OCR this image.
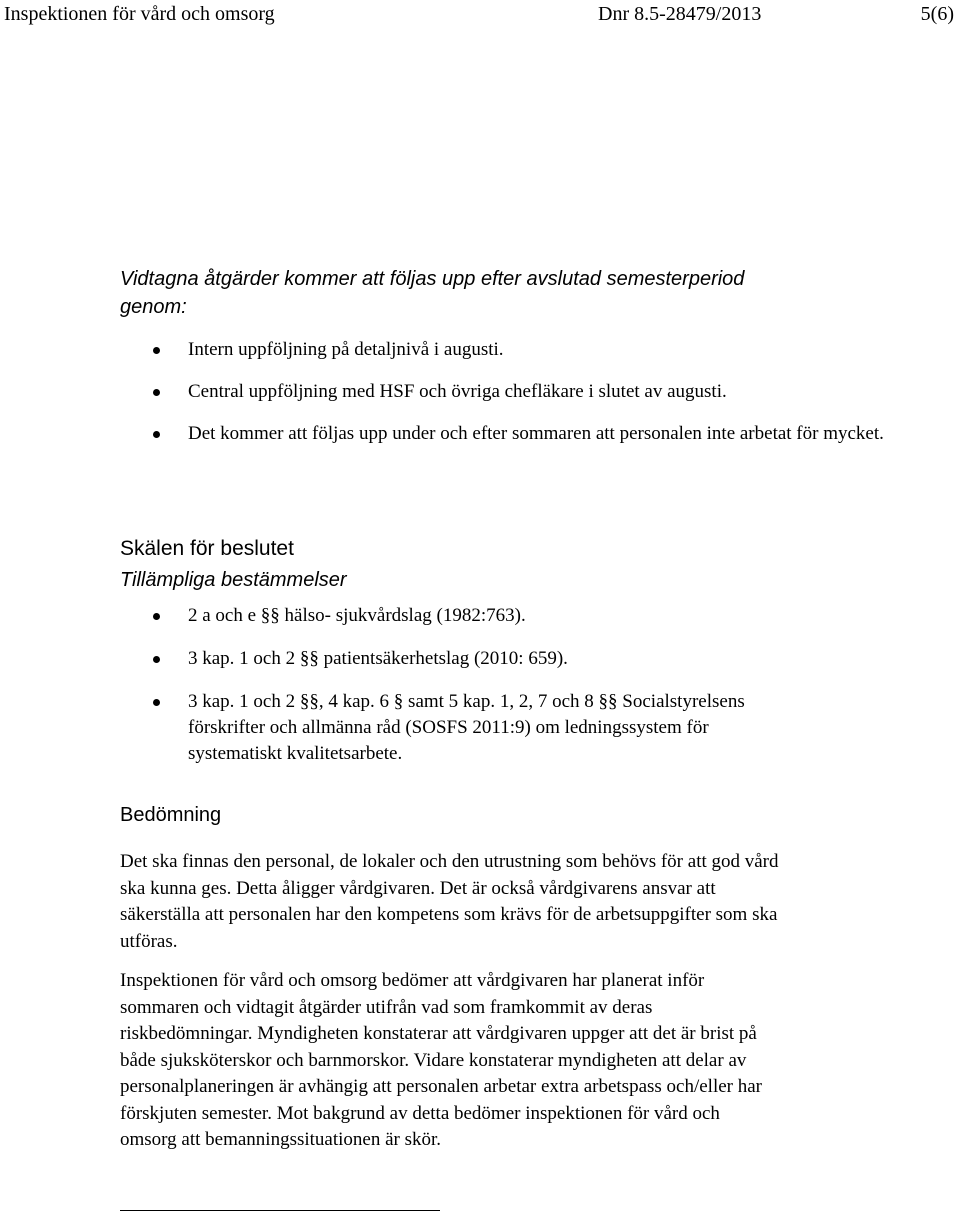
Inspektionen för vård och omsorg	Dnr 8.5-28479/2013	5(6)
Vidtagna åtgärder kommer att följas upp efter avslutad semesterperiod genom:
Intern uppföljning på detaljnivå i augusti.
Central uppföljning med HSF och övriga chefläkare i slutet av augusti.
Det kommer att följas upp under och efter sommaren att personalen inte arbetat för mycket.
Skälen för beslutet
Tillämpliga bestämmelser
2 a och e §§ hälso- sjukvårdslag (1982:763).
3 kap. 1 och 2 §§ patientsäkerhetslag (2010: 659).
3 kap. 1 och 2 §§, 4 kap. 6 § samt 5 kap. 1, 2, 7 och 8 §§ Socialstyrelsens förskrifter och allmänna råd (SOSFS 2011:9) om ledningssystem för systematiskt kvalitetsarbete.
Bedömning

Det ska finnas den personal, de lokaler och den utrustning som behövs för att god vård ska kunna ges. Detta åligger vårdgivaren. Det är också vårdgivarens ansvar att säkerställa att personalen har den kompetens som krävs för de arbetsuppgifter som ska utföras.

Inspektionen för vård och omsorg bedömer att vårdgivaren har planerat inför sommaren och vidtagit åtgärder utifrån vad som framkommit av deras riskbedömningar. Myndigheten konstaterar att vårdgivaren uppger att det är brist på både sjuksköterskor och barnmorskor. Vidare konstaterar myndigheten att delar av personalplaneringen är avhängig att personalen arbetar extra arbetspass och/eller har förskjuten semester. Mot bakgrund av detta bedömer inspektionen för vård och omsorg att bemanningssituationen är skör.
